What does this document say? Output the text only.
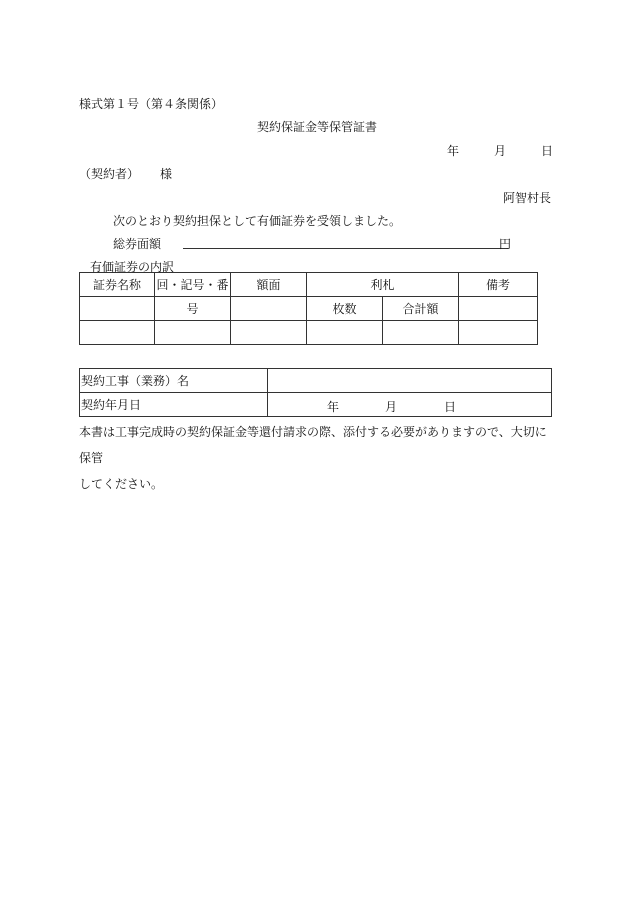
様式第１号（第４条関係）
契約保証金等保管証書
年	月	日
（契約者） 様
阿智村長
次のとおり契約担保として有価証券を受領しました。
総券面額	円
有価証券の内訳
証券名称	回・記号・番	額面	利札		備考
	号		枚数	合計額	

契約工事（業務）名	
契約年月日	年 月 日
本書は工事完成時の契約保証金等還付請求の際、添付する必要がありますので、大切に保管
してください。
